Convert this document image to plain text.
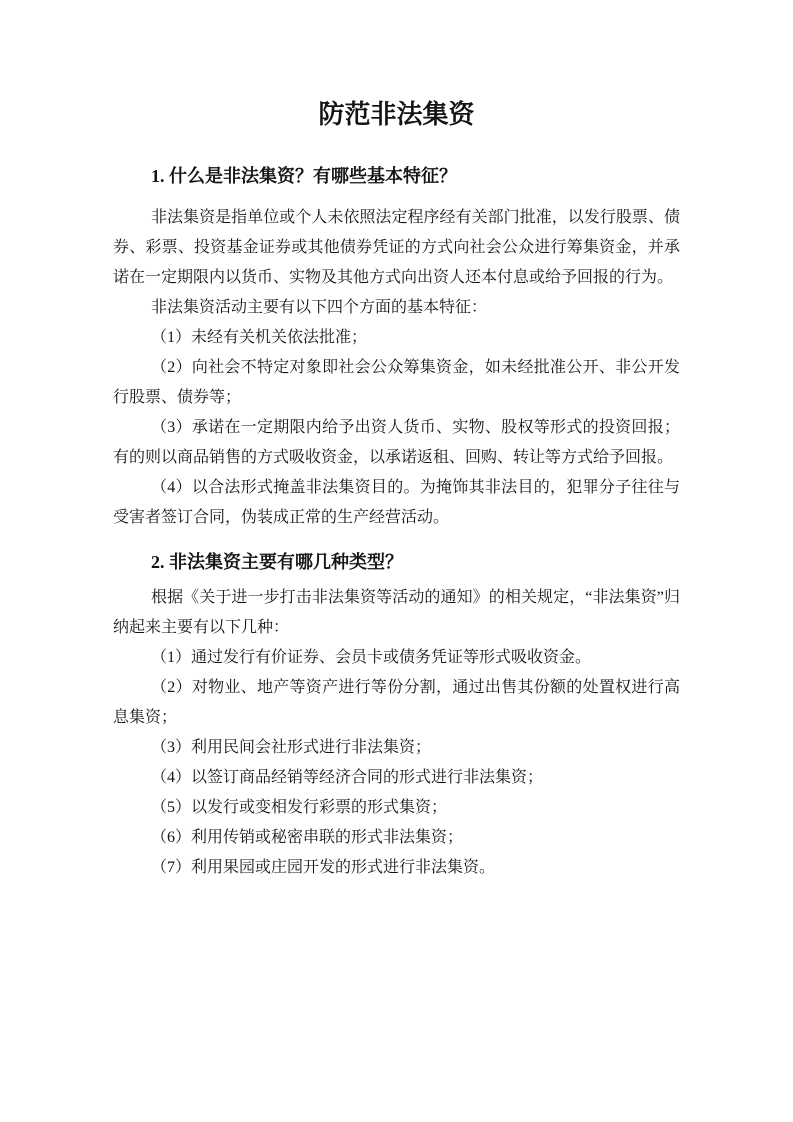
防范非法集资
1. 什么是非法集资？有哪些基本特征？

非法集资是指单位或个人未依照法定程序经有关部门批准，以发行股票、债券、彩票、投资基金证券或其他债券凭证的方式向社会公众进行筹集资金，并承诺在一定期限内以货币、实物及其他方式向出资人还本付息或给予回报的行为。

非法集资活动主要有以下四个方面的基本特征：

（1）未经有关机关依法批准；

（2）向社会不特定对象即社会公众筹集资金，如未经批准公开、非公开发行股票、债券等；

（3）承诺在一定期限内给予出资人货币、实物、股权等形式的投资回报；有的则以商品销售的方式吸收资金，以承诺返租、回购、转让等方式给予回报。

（4）以合法形式掩盖非法集资目的。为掩饰其非法目的，犯罪分子往往与受害者签订合同，伪装成正常的生产经营活动。

2. 非法集资主要有哪几种类型？

根据《关于进一步打击非法集资等活动的通知》的相关规定，“非法集资”归纳起来主要有以下几种：

（1）通过发行有价证券、会员卡或债务凭证等形式吸收资金。

（2）对物业、地产等资产进行等份分割，通过出售其份额的处置权进行高息集资；

（3）利用民间会社形式进行非法集资；

（4）以签订商品经销等经济合同的形式进行非法集资；

（5）以发行或变相发行彩票的形式集资；

（6）利用传销或秘密串联的形式非法集资；

（7）利用果园或庄园开发的形式进行非法集资。
